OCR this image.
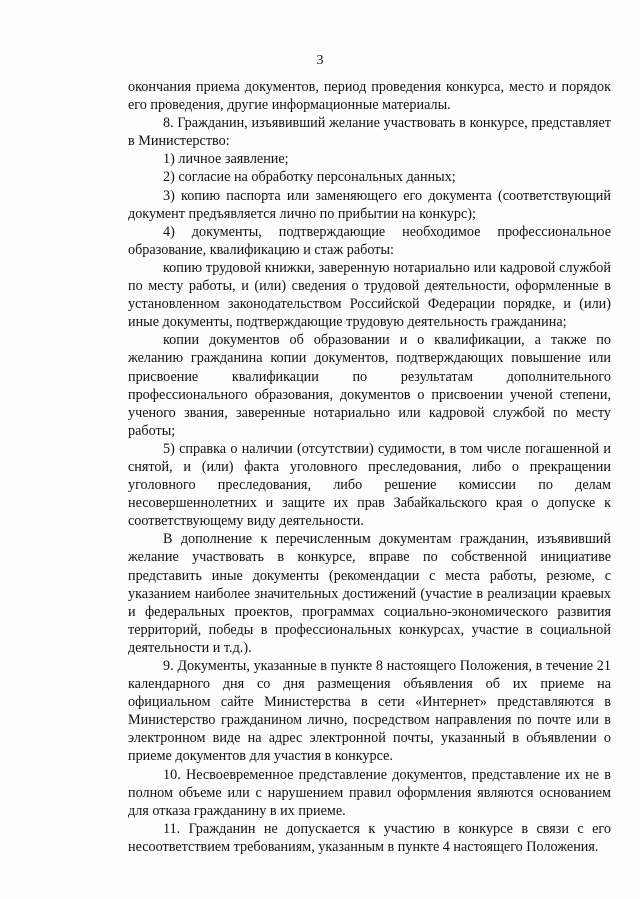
3

окончания приема документов, период проведения конкурса, место и порядок его проведения, другие информационные материалы.

8. Гражданин, изъявивший желание участвовать в конкурсе, представляет в Министерство:

1) личное заявление;

2) согласие на обработку персональных данных;

3) копию паспорта или заменяющего его документа (соответствующий документ предъявляется лично по прибытии на конкурс);

4) документы, подтверждающие необходимое профессиональное образование, квалификацию и стаж работы:

копию трудовой книжки, заверенную нотариально или кадровой службой по месту работы, и (или) сведения о трудовой деятельности, оформленные в установленном законодательством Российской Федерации порядке, и (или) иные документы, подтверждающие трудовую деятельность гражданина;

копии документов об образовании и о квалификации, а также по желанию гражданина копии документов, подтверждающих повышение или присвоение квалификации по результатам дополнительного профессионального образования, документов о присвоении ученой степени, ученого звания, заверенные нотариально или кадровой службой по месту работы;

5) справка о наличии (отсутствии) судимости, в том числе погашенной и снятой, и (или) факта уголовного преследования, либо о прекращении уголовного преследования, либо решение комиссии по делам несовершеннолетних и защите их прав Забайкальского края о допуске к соответствующему виду деятельности.

В дополнение к перечисленным документам гражданин, изъявивший желание участвовать в конкурсе, вправе по собственной инициативе представить иные документы (рекомендации с места работы, резюме, с указанием наиболее значительных достижений (участие в реализации краевых и федеральных проектов, программах социально-экономического развития территорий, победы в профессиональных конкурсах, участие в социальной деятельности и т.д.).

9. Документы, указанные в пункте 8 настоящего Положения, в течение 21 календарного дня со дня размещения объявления об их приеме на официальном сайте Министерства в сети «Интернет» представляются в Министерство гражданином лично, посредством направления по почте или в электронном виде на адрес электронной почты, указанный в объявлении о приеме документов для участия в конкурсе.

10. Несвоевременное представление документов, представление их не в полном объеме или с нарушением правил оформления являются основанием для отказа гражданину в их приеме.

11. Гражданин не допускается к участию в конкурсе в связи с его несоответствием требованиям, указанным в пункте 4 настоящего Положения.
